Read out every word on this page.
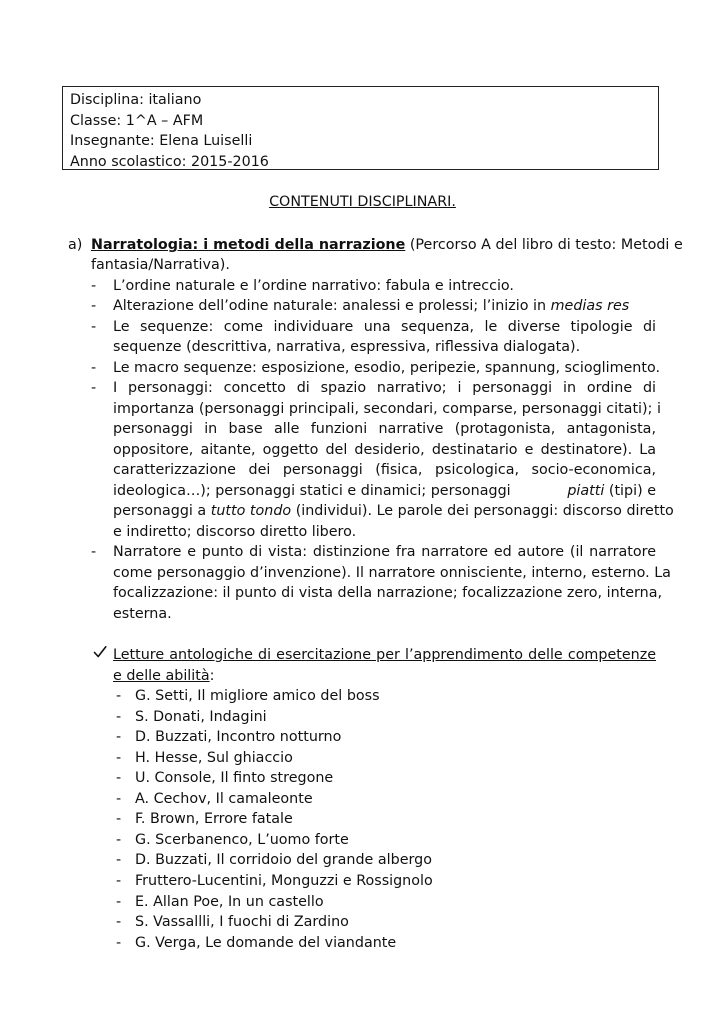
Disciplina: italiano
Classe: 1^A – AFM
Insegnante: Elena Luiselli
Anno scolastico: 2015-2016
CONTENUTI DISCIPLINARI.
a) Narratologia: i metodi della narrazione (Percorso A del libro di testo: Metodi e
fantasia/Narrativa).
- L’ordine naturale e l’ordine narrativo: fabula e intreccio.
- Alterazione dell’odine naturale: analessi e prolessi; l’inizio in medias res
- Le sequenze: come individuare una sequenza, le diverse tipologie di
sequenze (descrittiva, narrativa, espressiva, riflessiva dialogata).
- Le macro sequenze: esposizione, esodio, peripezie, spannung, scioglimento.
- I personaggi: concetto di spazio narrativo; i personaggi in ordine di
importanza (personaggi principali, secondari, comparse, personaggi citati); i
personaggi in base alle funzioni narrative (protagonista, antagonista,
oppositore, aitante, oggetto del desiderio, destinatario e destinatore). La
caratterizzazione dei personaggi (fisica, psicologica, socio-economica,
ideologica…); personaggi statici e dinamici; personaggi	piatti (tipi) e
personaggi a tutto tondo (individui). Le parole dei personaggi: discorso diretto
e indiretto; discorso diretto libero.
- Narratore e punto di vista: distinzione fra narratore ed autore (il narratore
come personaggio d’invenzione). Il narratore onnisciente, interno, esterno. La
focalizzazione: il punto di vista della narrazione; focalizzazione zero, interna,
esterna.
Letture antologiche di esercitazione per l’apprendimento delle competenze
e delle abilità:
- G. Setti, Il migliore amico del boss
- S. Donati, Indagini
- D. Buzzati, Incontro notturno
- H. Hesse, Sul ghiaccio
- U. Console, Il finto stregone
- A. Cechov, Il camaleonte
- F. Brown, Errore fatale
- G. Scerbanenco, L’uomo forte
- D. Buzzati, Il corridoio del grande albergo
- Fruttero-Lucentini, Monguzzi e Rossignolo
- E. Allan Poe, In un castello
- S. Vassallli, I fuochi di Zardino
- G. Verga, Le domande del viandante
